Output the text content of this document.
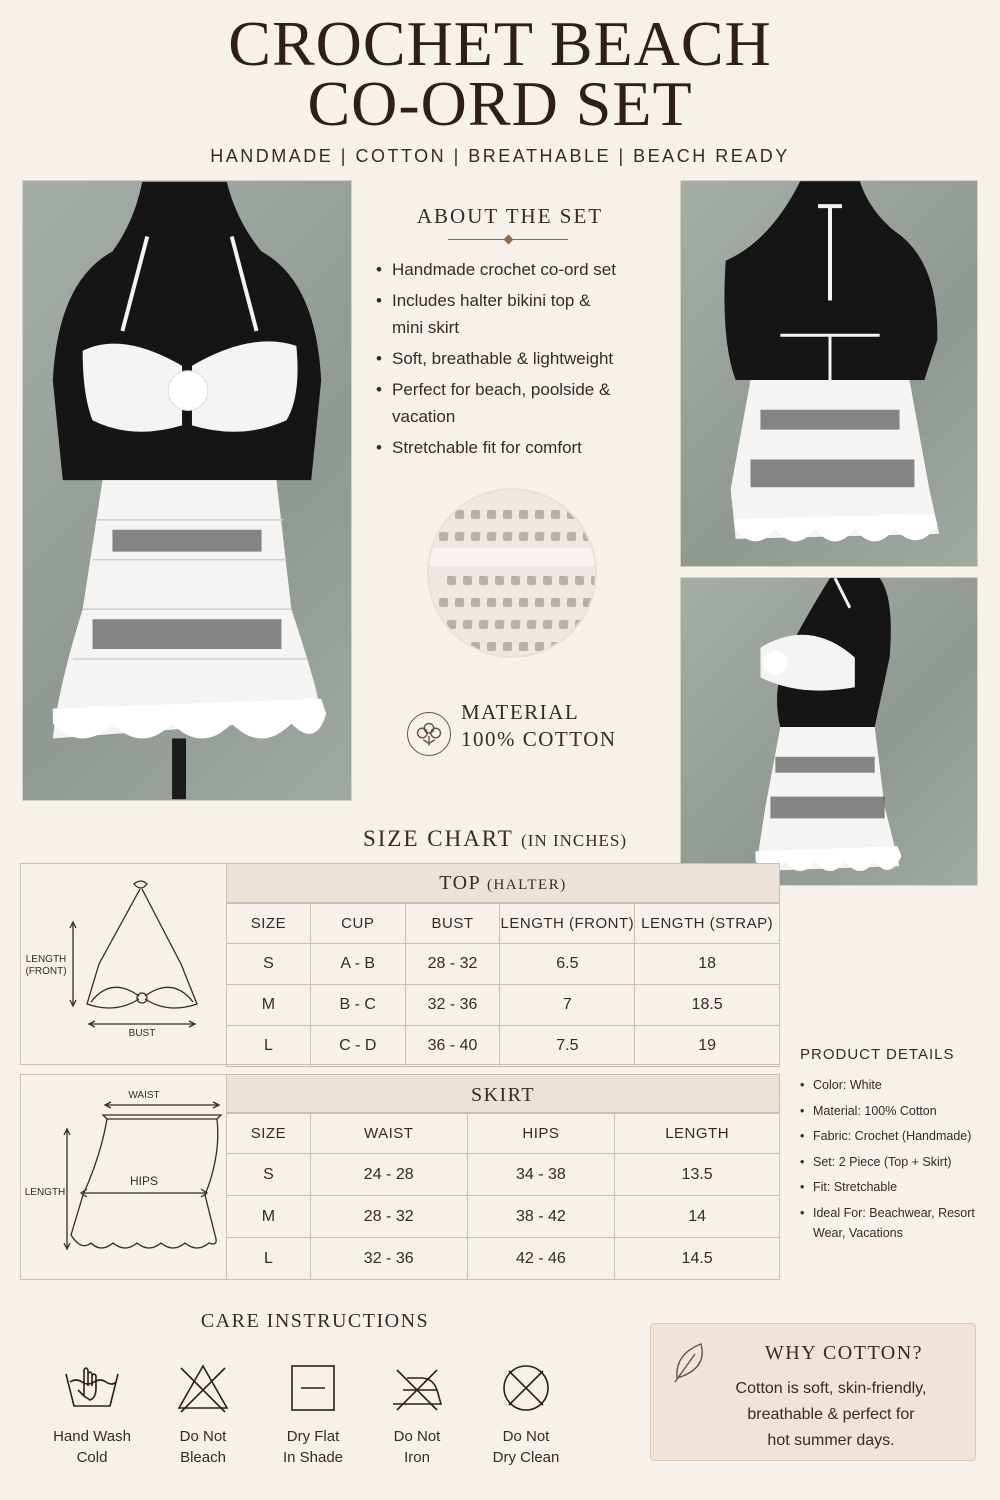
CROCHET BEACH
CO-ORD SET
HANDMADE | COTTON | BREATHABLE | BEACH READY
ABOUT THE SET
• Handmade crochet co-ord set
• Includes halter bikini top & mini skirt
• Soft, breathable & lightweight
• Perfect for beach, poolside & vacation
• Stretchable fit for comfort
MATERIAL
100% COTTON
SIZE CHART (IN INCHES)
LENGTH
(FRONT)
BUST
TOP (HALTER)
SIZE	CUP	BUST	LENGTH (FRONT)	LENGTH (STRAP)
S	A - B	28 - 32	6.5	18
M	B - C	32 - 36	7	18.5
L	C - D	36 - 40	7.5	19
WAIST
HIPS
LENGTH
SKIRT
SIZE	WAIST	HIPS	LENGTH
S	24 - 28	34 - 38	13.5
M	28 - 32	38 - 42	14
L	32 - 36	42 - 46	14.5
PRODUCT DETAILS
• Color: White
• Material: 100% Cotton
• Fabric: Crochet (Handmade)
• Set: 2 Piece (Top + Skirt)
• Fit: Stretchable
• Ideal For: Beachwear, Resort Wear, Vacations
CARE INSTRUCTIONS
Hand Wash
Cold
Do Not
Bleach
Dry Flat
In Shade
Do Not
Iron
Do Not
Dry Clean
WHY COTTON?
Cotton is soft, skin-friendly,
breathable & perfect for
hot summer days.
